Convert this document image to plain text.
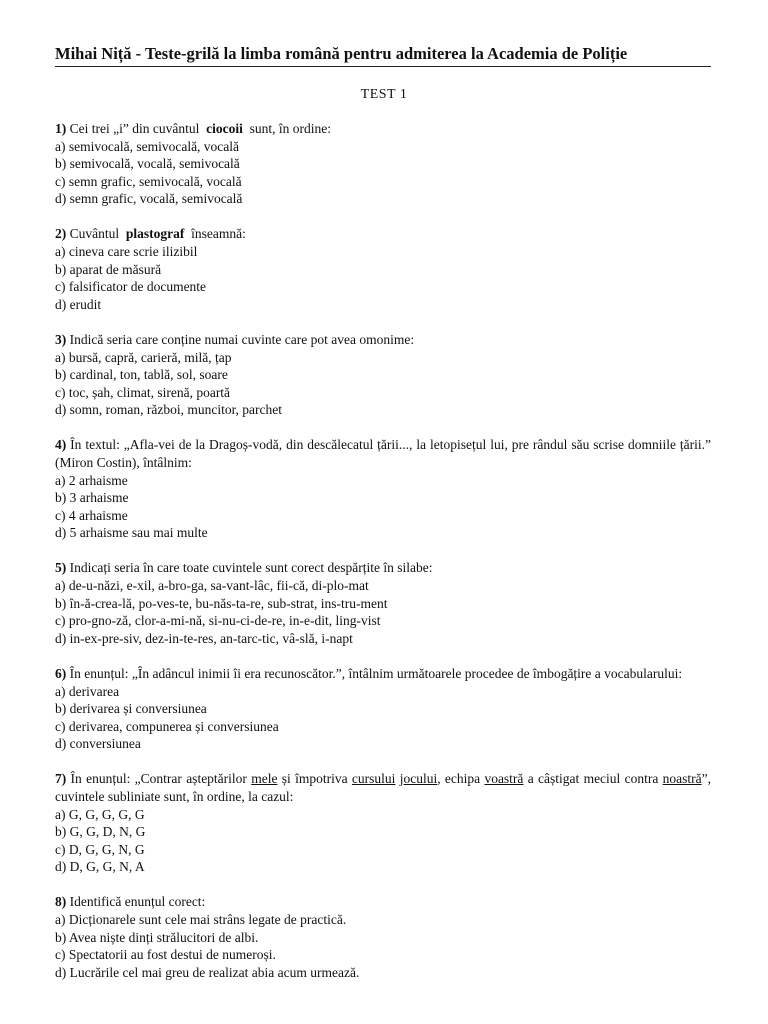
Mihai Niță - Teste-grilă la limba română pentru admiterea la Academia de Poliție
TEST 1

1) Cei trei „i” din cuvântul  ciocoii  sunt, în ordine:

a) semivocală, semivocală, vocală
b) semivocală, vocală, semivocală
c) semn grafic, semivocală, vocală
d) semn grafic, vocală, semivocală

2) Cuvântul  plastograf  înseamnă:

a) cineva care scrie ilizibil
b) aparat de măsură
c) falsificator de documente
d) erudit

3) Indică seria care conține numai cuvinte care pot avea omonime:

a) bursă, capră, carieră, milă, țap
b) cardinal, ton, tablă, sol, soare
c) toc, șah, climat, sirenă, poartă
d) somn, roman, război, muncitor, parchet

4) În textul: „Afla-vei de la Dragoș-vodă, din descălecatul țării..., la letopisețul lui, pre rândul său scrise domniile țării.” (Miron Costin), întâlnim:

a) 2 arhaisme
b) 3 arhaisme
c) 4 arhaisme
d) 5 arhaisme sau mai multe

5) Indicați seria în care toate cuvintele sunt corect despărțite în silabe:

a) de-u-năzi, e-xil, a-bro-ga, sa-vant-lâc, fii-că, di-plo-mat
b) în-ă-crea-lă, po-ves-te, bu-năs-ta-re, sub-strat, ins-tru-ment
c) pro-gno-ză, clor-a-mi-nă, si-nu-ci-de-re, in-e-dit, ling-vist
d) in-ex-pre-siv, dez-in-te-res, an-tarc-tic, vâ-slă, i-napt

6) În enunțul: „În adâncul inimii îi era recunoscător.”, întâlnim următoarele procedee de îmbogățire a vocabularului:

a) derivarea
b) derivarea și conversiunea
c) derivarea, compunerea și conversiunea
d) conversiunea

7) În enunțul: „Contrar așteptărilor mele și împotriva cursului jocului, echipa voastră a câștigat meciul contra noastră”, cuvintele subliniate sunt, în ordine, la cazul:

a) G, G, G, G, G
b) G, G, D, N, G
c) D, G, G, N, G
d) D, G, G, N, A

8) Identifică enunțul corect:

a) Dicționarele sunt cele mai strâns legate de practică.
b) Avea niște dinți strălucitori de albi.
c) Spectatorii au fost destui de numeroși.
d) Lucrările cel mai greu de realizat abia acum urmează.
